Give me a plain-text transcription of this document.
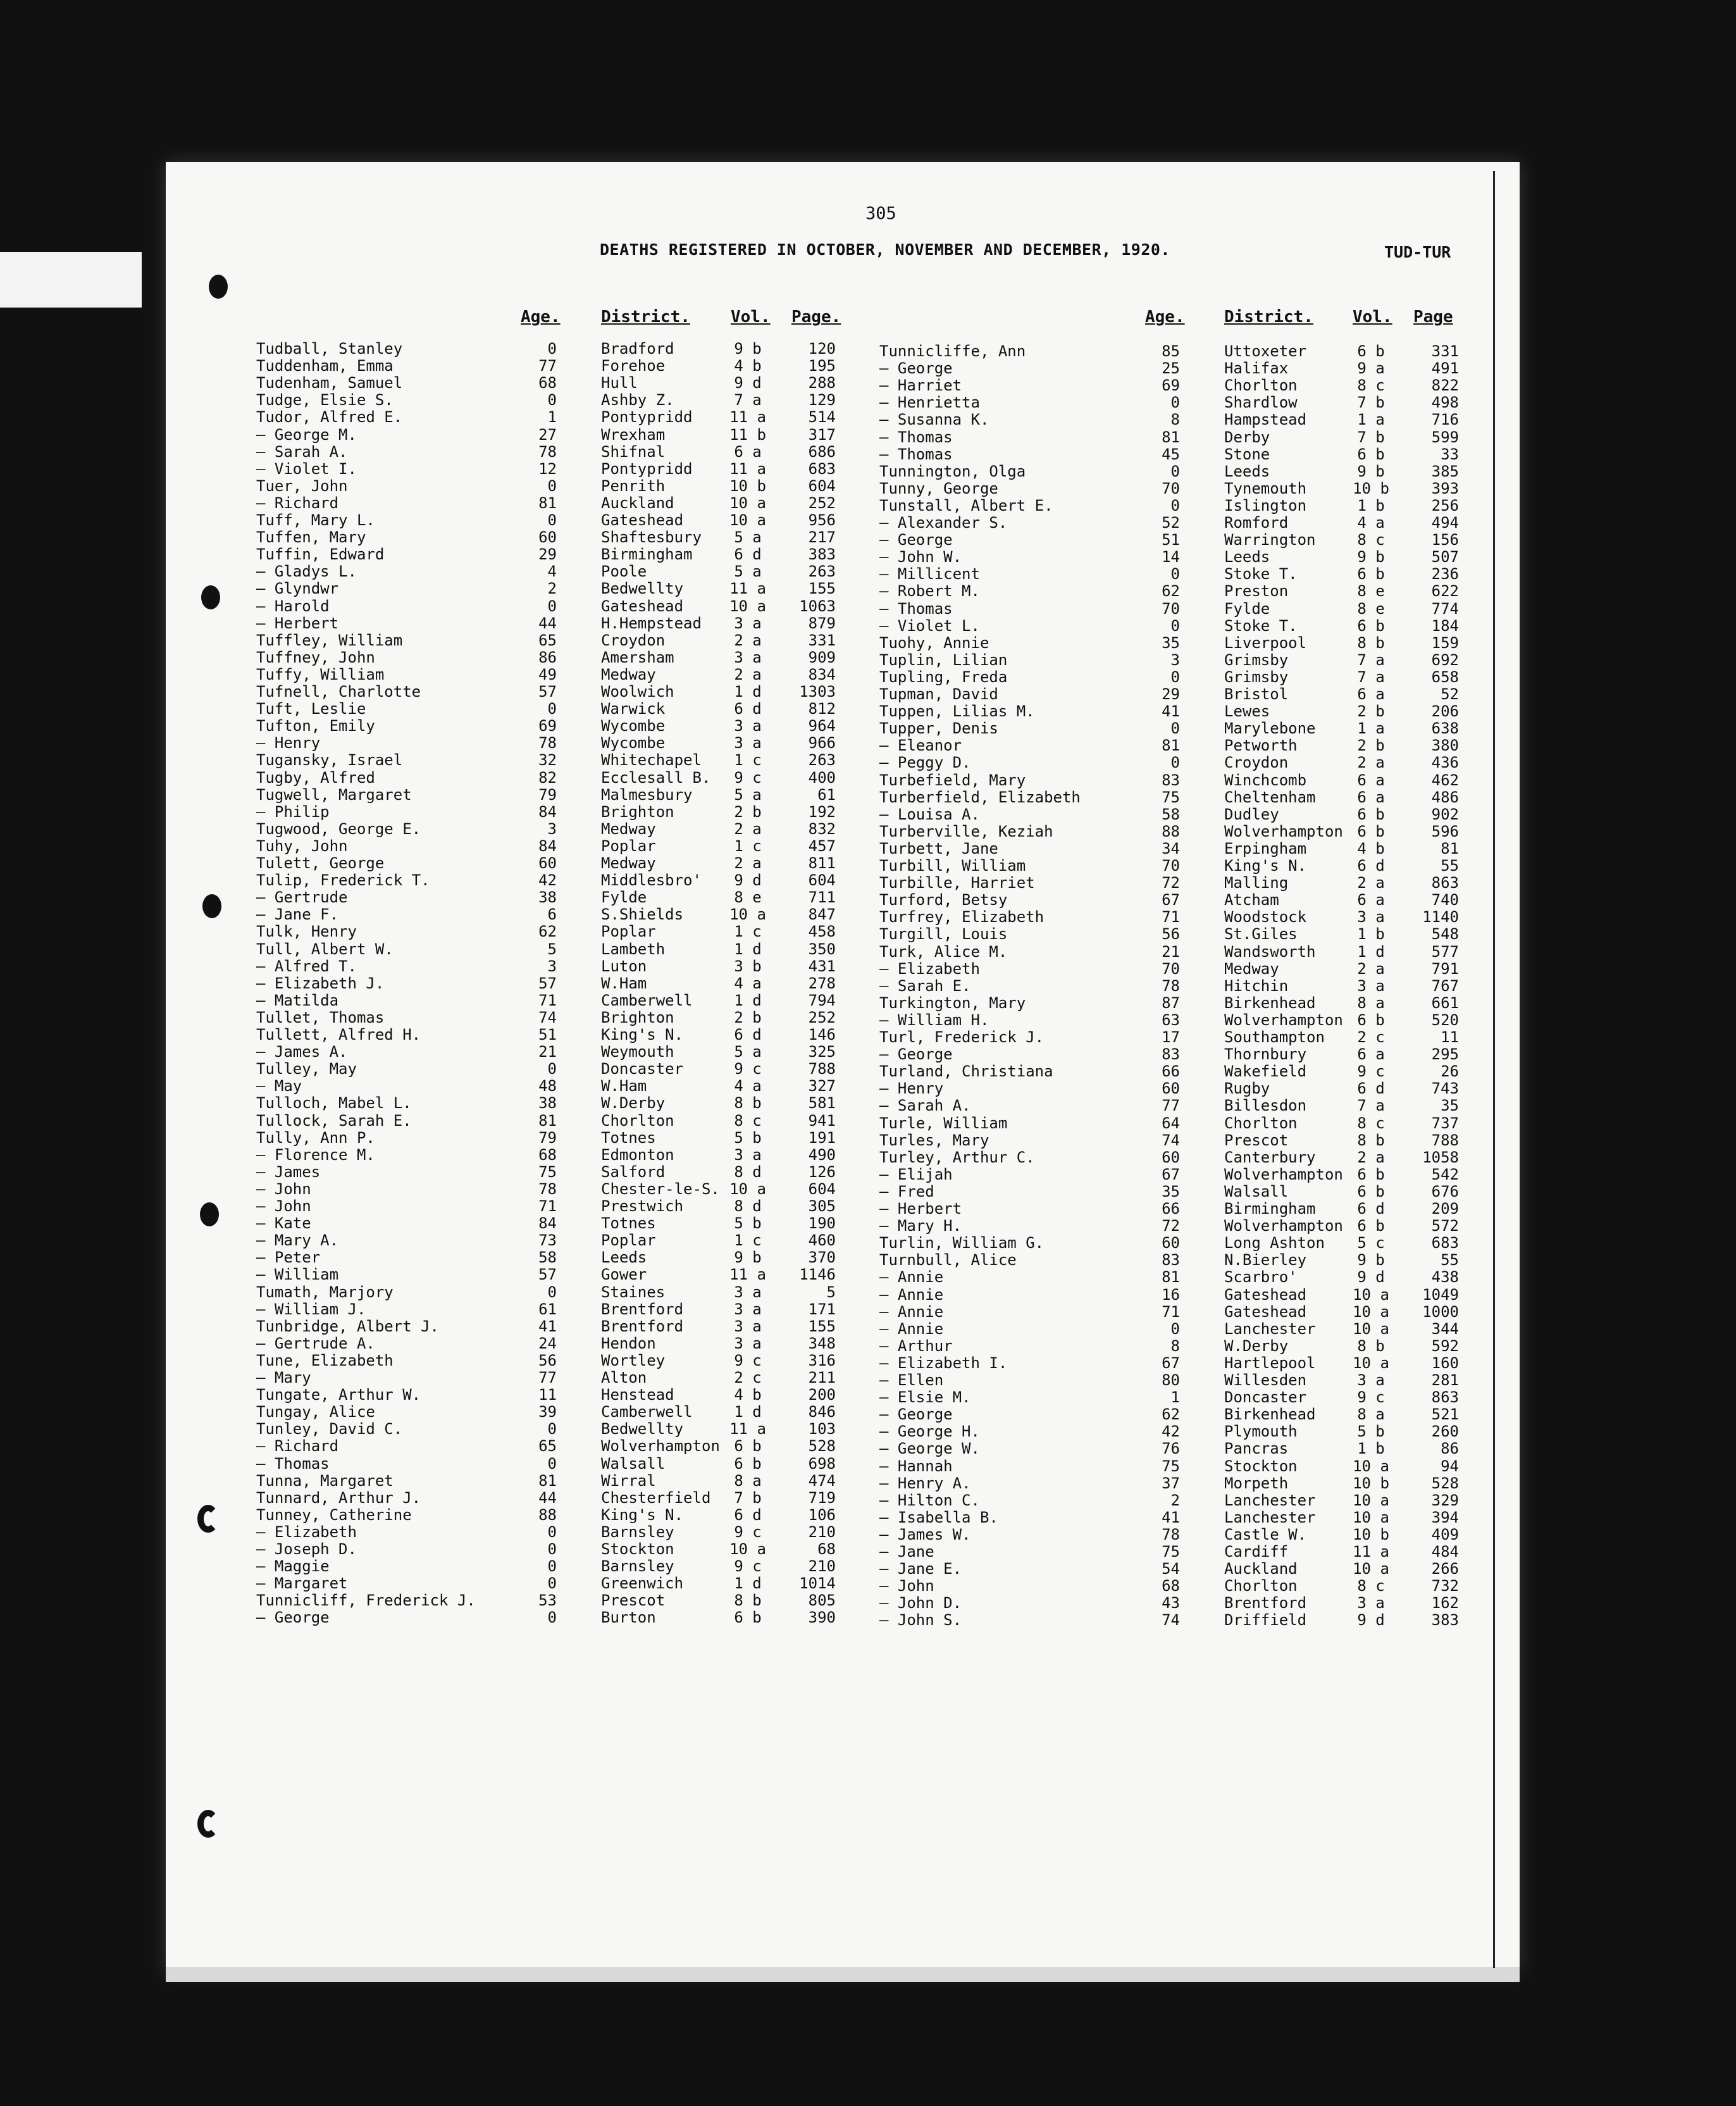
305
DEATHS REGISTERED IN OCTOBER, NOVEMBER AND DECEMBER, 1920.	TUD-TUR
Age. District. Vol. Page.
Tudball, Stanley	0	Bradford	9 b	120
Tuddenham, Emma	77	Forehoe	4 b	195
Tudenham, Samuel	68	Hull	9 d	288
Tudge, Elsie S.	0	Ashby Z.	7 a	129
Tudor, Alfred E.	1	Pontypridd 11 a	514
— George M.	27	Wrexham	11 b	317
— Sarah A.	78	Shifnal	6 a	686
— Violet I.	12	Pontypridd 11 a	683
Tuer, John	0	Penrith	10 b	604
— Richard	81	Auckland	10 a	252
Tuff, Mary L.	0	Gateshead	10 a	956
Tuffen, Mary	60	Shaftesbury	5 a	217
Tuffin, Edward	29	Birmingham	6 d	383
— Gladys L.	4	Poole	5 a	263
— Glyndwr	2	Bedwellty	11 a	155
— Harold	0	Gateshead	10 a	1063
— Herbert	44	H.Hempstead	3 a	879
Tuffley, William	65	Croydon	2 a	331
Tuffney, John	86	Amersham	3 a	909
Tuffy, William	49	Medway	2 a	834
Tufnell, Charlotte	57	Woolwich	1 d	1303
Tuft, Leslie	0	Warwick	6 d	812
Tufton, Emily	69	Wycombe	3 a	964
— Henry	78	Wycombe	3 a	966
Tugansky, Israel	32	Whitechapel	1 c	263
Tugby, Alfred	82	Ecclesall B.	9 c	400
Tugwell, Margaret	79	Malmesbury	5 a	61
— Philip	84	Brighton	2 b	192
Tugwood, George E.	3	Medway	2 a	832
Tuhy, John	84	Poplar	1 c	457
Tulett, George	60	Medway	2 a	811
Tulip, Frederick T.	42	Middlesbro'	9 d	604
— Gertrude	38	Fylde	8 e	711
— Jane F.	6	S.Shields	10 a	847
Tulk, Henry	62	Poplar	1 c	458
Tull, Albert W.	5	Lambeth	1 d	350
— Alfred T.	3	Luton	3 b	431
— Elizabeth J.	57	W.Ham	4 a	278
— Matilda	71	Camberwell	1 d	794
Tullet, Thomas	74	Brighton	2 b	252
Tullett, Alfred H.	51	King's N.	6 d	146
— James A.	21	Weymouth	5 a	325
Tulley, May	0	Doncaster	9 c	788
— May	48	W.Ham	4 a	327
Tulloch, Mabel L.	38	W.Derby	8 b	581
Tullock, Sarah E.	81	Chorlton	8 c	941
Tully, Ann P.	79	Totnes	5 b	191
— Florence M.	68	Edmonton	3 a	490
— James	75	Salford	8 d	126
— John	78	Chester-le-S. 10 a	604
— John	71	Prestwich	8 d	305
— Kate	84	Totnes	5 b	190
— Mary A.	73	Poplar	1 c	460
— Peter	58	Leeds	9 b	370
— William	57	Gower	11 a	1146
Tumath, Marjory	0	Staines	3 a	5
— William J.	61	Brentford	3 a	171
Tunbridge, Albert J.	41	Brentford	3 a	155
— Gertrude A.	24	Hendon	3 a	348
Tune, Elizabeth	56	Wortley	9 c	316
— Mary	77	Alton	2 c	211
Tungate, Arthur W.	11	Henstead	4 b	200
Tungay, Alice	39	Camberwell	1 d	846
Tunley, David C.	0	Bedwellty	11 a	103
— Richard	65	Wolverhampton 6 b	528
— Thomas	0	Walsall	6 b	698
Tunna, Margaret	81	Wirral	8 a	474
Tunnard, Arthur J.	44	Chesterfield	7 b	719
Tunney, Catherine	88	King's N.	6 d	106
— Elizabeth	0	Barnsley	9 c	210
— Joseph D.	0	Stockton	10 a	68
— Maggie	0	Barnsley	9 c	210
— Margaret	0	Greenwich	1 d	1014
Tunnicliff, Frederick J.	53	Prescot	8 b	805
— George	0	Burton	6 b	390
Age. District. Vol. Page
Tunnicliffe, Ann	85	Uttoxeter	6 b	331
— George	25	Halifax	9 a	491
— Harriet	69	Chorlton	8 c	822
— Henrietta	0	Shardlow	7 b	498
— Susanna K.	8	Hampstead	1 a	716
— Thomas	81	Derby	7 b	599
— Thomas	45	Stone	6 b	33
Tunnington, Olga	0	Leeds	9 b	385
Tunny, George	70	Tynemouth	10 b	393
Tunstall, Albert E.	0	Islington	1 b	256
— Alexander S.	52	Romford	4 a	494
— George	51	Warrington	8 c	156
— John W.	14	Leeds	9 b	507
— Millicent	0	Stoke T.	6 b	236
— Robert M.	62	Preston	8 e	622
— Thomas	70	Fylde	8 e	774
— Violet L.	0	Stoke T.	6 b	184
Tuohy, Annie	35	Liverpool	8 b	159
Tuplin, Lilian	3	Grimsby	7 a	692
Tupling, Freda	0	Grimsby	7 a	658
Tupman, David	29	Bristol	6 a	52
Tuppen, Lilias M.	41	Lewes	2 b	206
Tupper, Denis	0	Marylebone	1 a	638
— Eleanor	81	Petworth	2 b	380
— Peggy D.	0	Croydon	2 a	436
Turbefield, Mary	83	Winchcomb	6 a	462
Turberfield, Elizabeth	75	Cheltenham	6 a	486
— Louisa A.	58	Dudley	6 b	902
Turberville, Keziah	88	Wolverhampton 6 b	596
Turbett, Jane	34	Erpingham	4 b	81
Turbill, William	70	King's N.	6 d	55
Turbille, Harriet	72	Malling	2 a	863
Turford, Betsy	67	Atcham	6 a	740
Turfrey, Elizabeth	71	Woodstock	3 a	1140
Turgill, Louis	56	St.Giles	1 b	548
Turk, Alice M.	21	Wandsworth	1 d	577
— Elizabeth	70	Medway	2 a	791
— Sarah E.	78	Hitchin	3 a	767
Turkington, Mary	87	Birkenhead	8 a	661
— William H.	63	Wolverhampton 6 b	520
Turl, Frederick J.	17	Southampton	2 c	11
— George	83	Thornbury	6 a	295
Turland, Christiana	66	Wakefield	9 c	26
— Henry	60	Rugby	6 d	743
— Sarah A.	77	Billesdon	7 a	35
Turle, William	64	Chorlton	8 c	737
Turles, Mary	74	Prescot	8 b	788
Turley, Arthur C.	60	Canterbury	2 a	1058
— Elijah	67	Wolverhampton 6 b	542
— Fred	35	Walsall	6 b	676
— Herbert	66	Birmingham	6 d	209
— Mary H.	72	Wolverhampton 6 b	572
Turlin, William G.	60	Long Ashton	5 c	683
Turnbull, Alice	83	N.Bierley	9 b	55
— Annie	81	Scarbro'	9 d	438
— Annie	16	Gateshead	10 a	1049
— Annie	71	Gateshead	10 a	1000
— Annie	0	Lanchester 10 a	344
— Arthur	8	W.Derby	8 b	592
— Elizabeth I.	67	Hartlepool 10 a	160
— Ellen	80	Willesden	3 a	281
— Elsie M.	1	Doncaster	9 c	863
— George	62	Birkenhead	8 a	521
— George H.	42	Plymouth	5 b	260
— George W.	76	Pancras	1 b	86
— Hannah	75	Stockton	10 a	94
— Henry A.	37	Morpeth	10 b	528
— Hilton C.	2	Lanchester 10 a	329
— Isabella B.	41	Lanchester 10 a	394
— James W.	78	Castle W.	10 b	409
— Jane	75	Cardiff	11 a	484
— Jane E.	54	Auckland	10 a	266
— John	68	Chorlton	8 c	732
— John D.	43	Brentford	3 a	162
— John S.	74	Driffield	9 d	383
